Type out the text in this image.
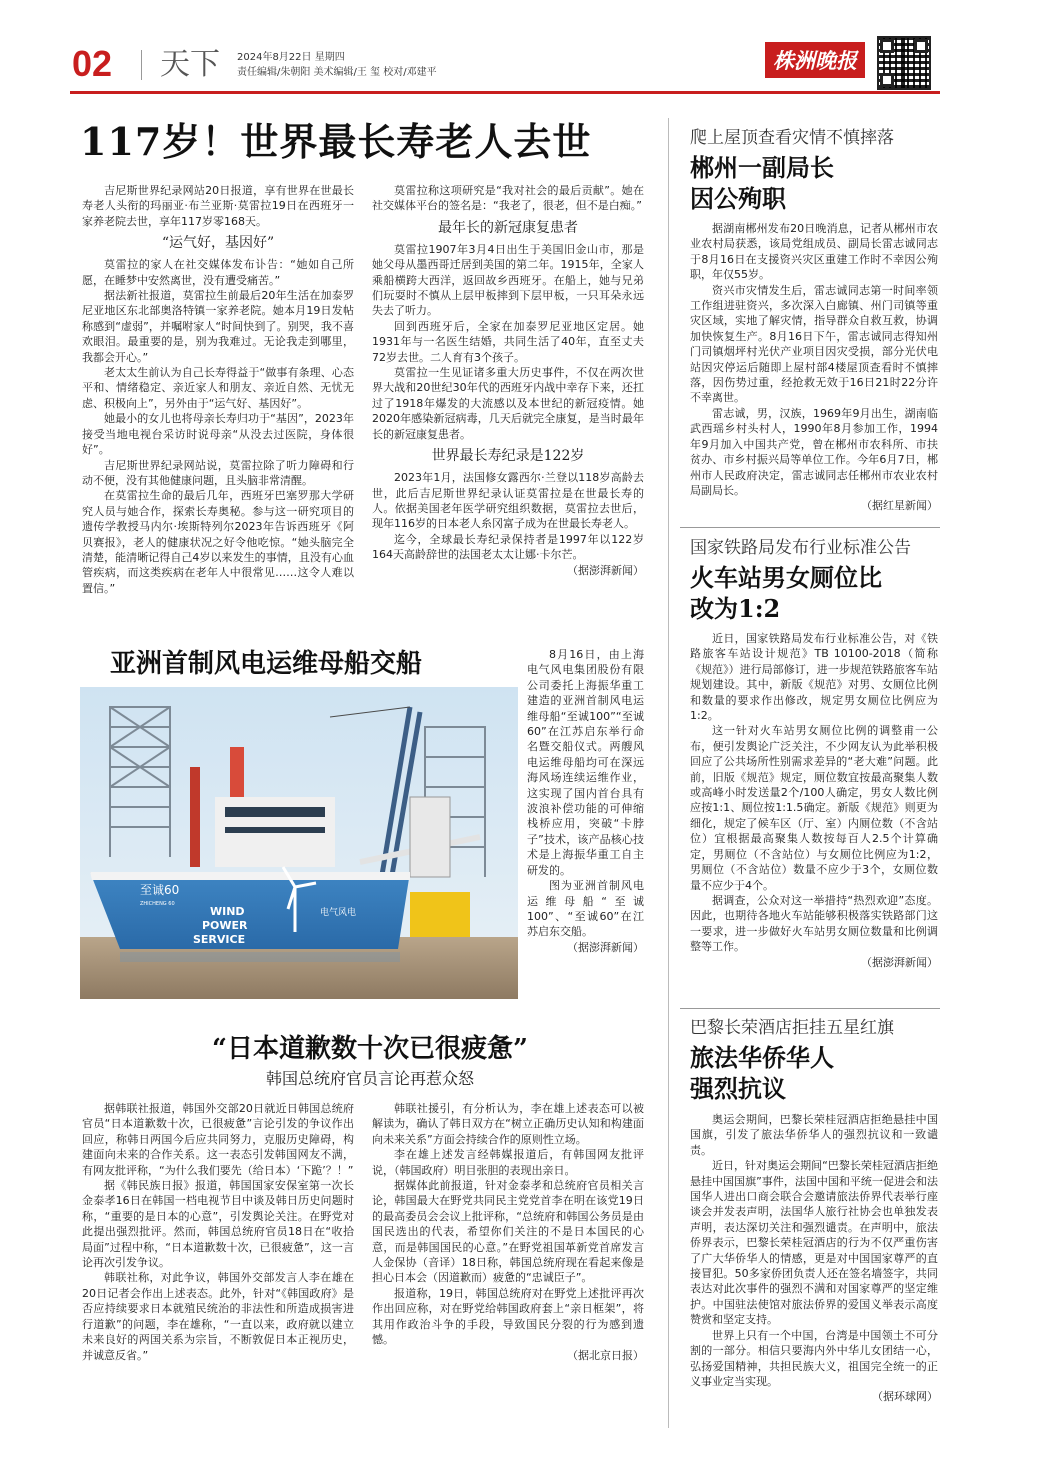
02 天下 2024年8月22日 星期四
责任编辑/朱朝阳 美术编辑/王 玺 校对/邓建平	株洲晚报
117岁！世界最长寿老人去世

吉尼斯世界纪录网站20日报道，享有世界在世最长寿老人头衔的玛丽亚·布兰亚斯·莫雷拉19日在西班牙一家养老院去世，享年117岁零168天。

“运气好，基因好”

莫雷拉的家人在社交媒体发布讣告：“她如自己所愿，在睡梦中安然离世，没有遭受痛苦。”

据法新社报道，莫雷拉生前最后20年生活在加泰罗尼亚地区东北部奥洛特镇一家养老院。她本月19日发帖称感到“虚弱”，并嘱咐家人“时间快到了。别哭，我不喜欢眼泪。最重要的是，别为我难过。无论我走到哪里，我都会开心。”

老太太生前认为自己长寿得益于“做事有条理、心态平和、情绪稳定、亲近家人和朋友、亲近自然、无忧无虑、积极向上”，另外由于“运气好、基因好”。

她最小的女儿也将母亲长寿归功于“基因”，2023年接受当地电视台采访时说母亲“从没去过医院，身体很好”。

吉尼斯世界纪录网站说，莫雷拉除了听力障碍和行动不便，没有其他健康问题，且头脑非常清醒。

在莫雷拉生命的最后几年，西班牙巴塞罗那大学研究人员与她合作，探索长寿奥秘。参与这一研究项目的遗传学教授马内尔·埃斯特列尔2023年告诉西班牙《阿贝赛报》，老人的健康状况之好令他吃惊。“她头脑完全清楚，能清晰记得自己4岁以来发生的事情，且没有心血管疾病，而这类疾病在老年人中很常见……这令人难以置信。”

莫雷拉称这项研究是“我对社会的最后贡献”。她在社交媒体平台的签名是：“我老了，很老，但不是白痴。”

最年长的新冠康复患者

莫雷拉1907年3月4日出生于美国旧金山市，那是她父母从墨西哥迁居到美国的第二年。1915年，全家人乘船横跨大西洋，返回故乡西班牙。在船上，她与兄弟们玩耍时不慎从上层甲板摔到下层甲板，一只耳朵永远失去了听力。

回到西班牙后，全家在加泰罗尼亚地区定居。她1931年与一名医生结婚，共同生活了40年，直至丈夫72岁去世。二人育有3个孩子。

莫雷拉一生见证诸多重大历史事件，不仅在两次世界大战和20世纪30年代的西班牙内战中幸存下来，还扛过了1918年爆发的大流感以及本世纪的新冠疫情。她2020年感染新冠病毒，几天后就完全康复，是当时最年长的新冠康复患者。

世界最长寿纪录是122岁

2023年1月，法国修女露西尔·兰登以118岁高龄去世，此后吉尼斯世界纪录认证莫雷拉是在世最长寿的人。依据美国老年医学研究组织数据，莫雷拉去世后，现年116岁的日本老人糸冈富子成为在世最长寿老人。

迄今，全球最长寿纪录保持者是1997年以122岁164天高龄辞世的法国老太太让娜·卡尔芒。

（据澎湃新闻）

亚洲首制风电运维母船交船
至诚60
ZHICHENG 60
WIND
POWER
SERVICE
电气风电

8月16日，由上海电气风电集团股份有限公司委托上海振华重工建造的亚洲首制风电运维母船“至诚100”“至诚60”在江苏启东举行命名暨交船仪式。两艘风电运维母船均可在深远海风场连续运维作业，这实现了国内首台具有波浪补偿功能的可伸缩栈桥应用，突破“卡脖子”技术，该产品核心技术是上海振华重工自主研发的。

图为亚洲首制风电运维母船“至诚100”、“至诚60”在江苏启东交船。

（据澎湃新闻）

“日本道歉数十次已很疲惫”
韩国总统府官员言论再惹众怒

据韩联社报道，韩国外交部20日就近日韩国总统府官员“日本道歉数十次，已很疲惫”言论引发的争议作出回应，称韩日两国今后应共同努力，克服历史障碍，构建面向未来的合作关系。这一表态引发韩国网友不满，有网友批评称，“为什么我们要先（给日本）‘下跪’？！”

据《韩民族日报》报道，韩国国家安保室第一次长金泰孝16日在韩国一档电视节目中谈及韩日历史问题时称，“重要的是日本的心意”，引发舆论关注。在野党对此提出强烈批评。然而，韩国总统府官员18日在“收拾局面”过程中称，“日本道歉数十次，已很疲惫”，这一言论再次引发争议。

韩联社称，对此争议，韩国外交部发言人李在雄在20日记者会作出上述表态。此外，针对“《韩国政府》是否应持续要求日本就殖民统治的非法性和所造成损害进行道歉”的问题，李在雄称，“一直以来，政府就以建立未来良好的两国关系为宗旨，不断敦促日本正视历史，并诚意反省。”

韩联社援引，有分析认为，李在雄上述表态可以被解读为，确认了韩日双方在“树立正确历史认知和构建面向未来关系”方面会持续合作的原则性立场。

李在雄上述发言经韩媒报道后，有韩国网友批评说，（韩国政府）明目张胆的表现出亲日。

据媒体此前报道，针对金泰孝和总统府官员相关言论，韩国最大在野党共同民主党党首李在明在该党19日的最高委员会会议上批评称，“总统府和韩国公务员是由国民选出的代表，希望你们关注的不是日本国民的心意，而是韩国国民的心意。”在野党祖国革新党首席发言人金保协（音译）18日称，韩国总统府现在看起来像是担心日本会（因道歉而）疲惫的“忠诚臣子”。

报道称，19日，韩国总统府对在野党上述批评再次作出回应称，对在野党给韩国政府套上“亲日框架”，将其用作政治斗争的手段，导致国民分裂的行为感到遗憾。

（据北京日报）

爬上屋顶查看灾情不慎摔落
郴州一副局长
因公殉职

据湖南郴州发布20日晚消息，记者从郴州市农业农村局获悉，该局党组成员、副局长雷志诚同志于8月16日在支援资兴灾区重建工作时不幸因公殉职，年仅55岁。

资兴市灾情发生后，雷志诚同志第一时间率领工作组进驻资兴，多次深入白廊镇、州门司镇等重灾区域，实地了解灾情，指导群众自救互救，协调加快恢复生产。8月16日下午，雷志诚同志得知州门司镇烟坪村光伏产业项目因灾受损，部分光伏电站因灾停运后随即上屋村部4楼屋顶查看时不慎摔落，因伤势过重，经抢救无效于16日21时22分许不幸离世。

雷志诚，男，汉族，1969年9月出生，湖南临武西瑶乡村头村人，1990年8月参加工作，1994年9月加入中国共产党，曾在郴州市农科所、市扶贫办、市乡村振兴局等单位工作。今年6月7日，郴州市人民政府决定，雷志诚同志任郴州市农业农村局副局长。

（据红星新闻）

国家铁路局发布行业标准公告
火车站男女厕位比
改为1:2

近日，国家铁路局发布行业标准公告，对《铁路旅客车站设计规范》TB 10100-2018（简称《规范》）进行局部修订，进一步规范铁路旅客车站规划建设。其中，新版《规范》对男、女厕位比例和数量的要求作出修改，规定男女厕位比例应为1:2。

这一针对火车站男女厕位比例的调整甫一公布，便引发舆论广泛关注，不少网友认为此举积极回应了公共场所性别需求差异的“老大难”问题。此前，旧版《规范》规定，厕位数宜按最高聚集人数或高峰小时发送量2个/100人确定，男女人数比例应按1:1、厕位按1:1.5确定。新版《规范》则更为细化，规定了候车区（厅、室）内厕位数（不含站位）宜根据最高聚集人数按每百人2.5个计算确定，男厕位（不含站位）与女厕位比例应为1:2，男厕位（不含站位）数量不应少于3个，女厕位数量不应少于4个。

据调查，公众对这一举措持“热烈欢迎”态度。因此，也期待各地火车站能够积极落实铁路部门这一要求，进一步做好火车站男女厕位数量和比例调整等工作。

（据澎湃新闻）

巴黎长荣酒店拒挂五星红旗
旅法华侨华人
强烈抗议

奥运会期间，巴黎长荣桂冠酒店拒绝悬挂中国国旗，引发了旅法华侨华人的强烈抗议和一致谴责。

近日，针对奥运会期间“巴黎长荣桂冠酒店拒绝悬挂中国国旗”事件，法国中国和平统一促进会和法国华人进出口商会联合会邀请旅法侨界代表举行座谈会并发表声明，法国华人旅行社协会也单独发表声明，表达深切关注和强烈谴责。在声明中，旅法侨界表示，巴黎长荣桂冠酒店的行为不仅严重伤害了广大华侨华人的情感，更是对中国国家尊严的直接冒犯。50多家侨团负责人还在签名墙签字，共同表达对此次事件的强烈不满和对国家尊严的坚定维护。中国驻法使馆对旅法侨界的爱国义举表示高度赞赏和坚定支持。

世界上只有一个中国，台湾是中国领土不可分割的一部分。相信只要海内外中华儿女团结一心，弘扬爱国精神，共担民族大义，祖国完全统一的正义事业定当实现。

（据环球网）
